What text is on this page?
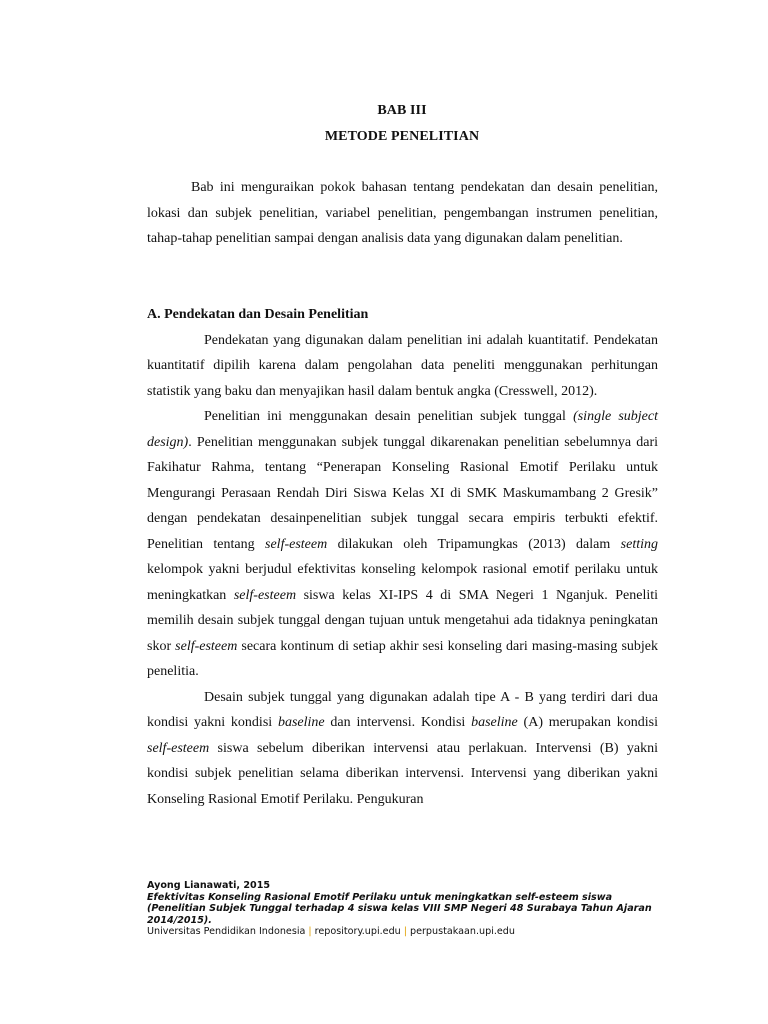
BAB III
METODE PENELITIAN

Bab ini menguraikan pokok bahasan tentang pendekatan dan desain penelitian, lokasi dan subjek penelitian, variabel penelitian, pengembangan instrumen penelitian, tahap-tahap penelitian sampai dengan analisis data yang digunakan dalam penelitian.

A. Pendekatan dan Desain Penelitian

Pendekatan yang digunakan dalam penelitian ini adalah kuantitatif. Pendekatan kuantitatif dipilih karena dalam pengolahan data peneliti menggunakan perhitungan statistik yang baku dan menyajikan hasil dalam bentuk angka (Cresswell, 2012).

Penelitian ini menggunakan desain penelitian subjek tunggal (single subject design). Penelitian menggunakan subjek tunggal dikarenakan penelitian sebelumnya dari Fakihatur Rahma, tentang “Penerapan Konseling Rasional Emotif Perilaku untuk Mengurangi Perasaan Rendah Diri Siswa Kelas XI di SMK Maskumambang 2 Gresik” dengan pendekatan desainpenelitian subjek tunggal secara empiris terbukti efektif. Penelitian tentang self-esteem dilakukan oleh Tripamungkas (2013) dalam setting kelompok yakni berjudul efektivitas konseling kelompok rasional emotif perilaku untuk meningkatkan self-esteem siswa kelas XI-IPS 4 di SMA Negeri 1 Nganjuk. Peneliti memilih desain subjek tunggal dengan tujuan untuk mengetahui ada tidaknya peningkatan skor self-esteem secara kontinum di setiap akhir sesi konseling dari masing-masing subjek penelitia.

Desain subjek tunggal yang digunakan adalah tipe A - B yang terdiri dari dua kondisi yakni kondisi baseline dan intervensi. Kondisi baseline (A) merupakan kondisi self-esteem siswa sebelum diberikan intervensi atau perlakuan. Intervensi (B) yakni kondisi subjek penelitian selama diberikan intervensi. Intervensi yang diberikan yakni Konseling Rasional Emotif Perilaku. Pengukuran

Ayong Lianawati, 2015
Efektivitas Konseling Rasional Emotif Perilaku untuk meningkatkan self-esteem siswa (Penelitian Subjek Tunggal terhadap 4 siswa kelas VIII SMP Negeri 48 Surabaya Tahun Ajaran 2014/2015).
Universitas Pendidikan Indonesia | repository.upi.edu | perpustakaan.upi.edu
